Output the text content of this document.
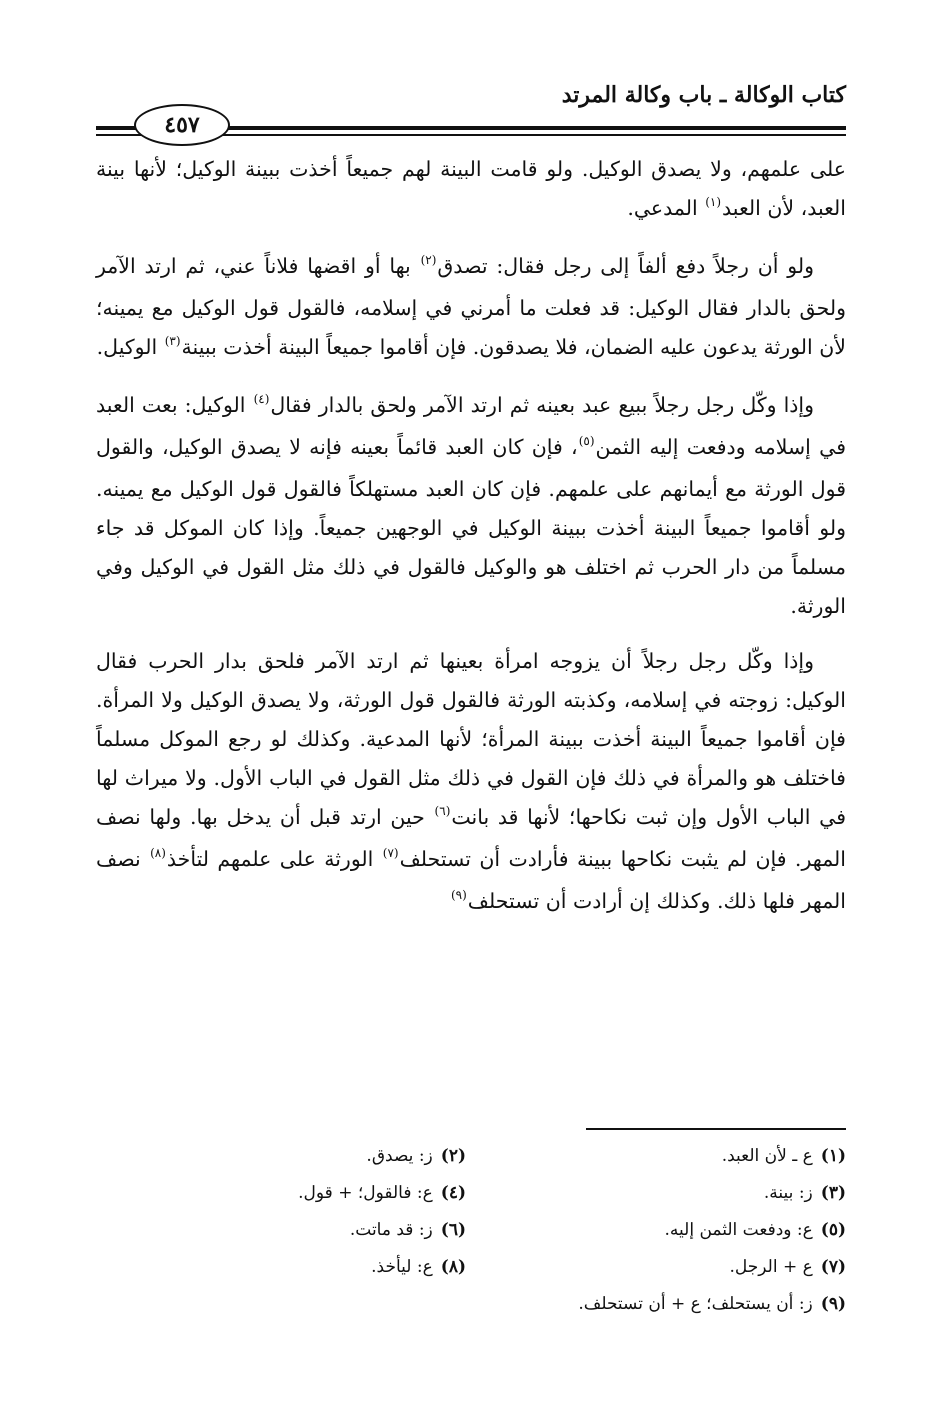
كتاب الوكالة ـ باب وكالة المرتد
٤٥٧

على علمهم، ولا يصدق الوكيل. ولو قامت البينة لهم جميعاً أخذت ببينة الوكيل؛ لأنها بينة العبد، لأن العبد$^{(١)}$ المدعي.

ولو أن رجلاً دفع ألفاً إلى رجل فقال: تصدق$^{(٢)}$ بها أو اقضها فلاناً عني، ثم ارتد الآمر ولحق بالدار فقال الوكيل: قد فعلت ما أمرني في إسلامه، فالقول قول الوكيل مع يمينه؛ لأن الورثة يدعون عليه الضمان، فلا يصدقون. فإن أقاموا جميعاً البينة أخذت ببينة$^{(٣)}$ الوكيل.

وإذا وكّل رجل رجلاً ببيع عبد بعينه ثم ارتد الآمر ولحق بالدار فقال$^{(٤)}$ الوكيل: بعت العبد في إسلامه ودفعت إليه الثمن$^{(٥)}$، فإن كان العبد قائماً بعينه فإنه لا يصدق الوكيل، والقول قول الورثة مع أيمانهم على علمهم. فإن كان العبد مستهلكاً فالقول قول الوكيل مع يمينه. ولو أقاموا جميعاً البينة أخذت ببينة الوكيل في الوجهين جميعاً. وإذا كان الموكل قد جاء مسلماً من دار الحرب ثم اختلف هو والوكيل فالقول في ذلك مثل القول في الوكيل وفي الورثة.

وإذا وكّل رجل رجلاً أن يزوجه امرأة بعينها ثم ارتد الآمر فلحق بدار الحرب فقال الوكيل: زوجته في إسلامه، وكذبته الورثة فالقول قول الورثة، ولا يصدق الوكيل ولا المرأة. فإن أقاموا جميعاً البينة أخذت ببينة المرأة؛ لأنها المدعية. وكذلك لو رجع الموكل مسلماً فاختلف هو والمرأة في ذلك فإن القول في ذلك مثل القول في الباب الأول. ولا ميراث لها في الباب الأول وإن ثبت نكاحها؛ لأنها قد بانت$^{(٦)}$ حين ارتد قبل أن يدخل بها. ولها نصف المهر. فإن لم يثبت نكاحها ببينة فأرادت أن تستحلف$^{(٧)}$ الورثة على علمهم لتأخذ$^{(٨)}$ نصف المهر فلها ذلك. وكذلك إن أرادت أن تستحلف$^{(٩)}$

(١)ع ـ لأن العبد.
(٢)ز: يصدق.
(٣)ز: بينة.
(٤)ع: فالقول؛ + قول.
(٥)ع: ودفعت الثمن إليه.
(٦)ز: قد ماتت.
(٧)ع + الرجل.
(٨)ع: ليأخذ.
(٩)ز: أن يستحلف؛ ع + أن تستحلف.
